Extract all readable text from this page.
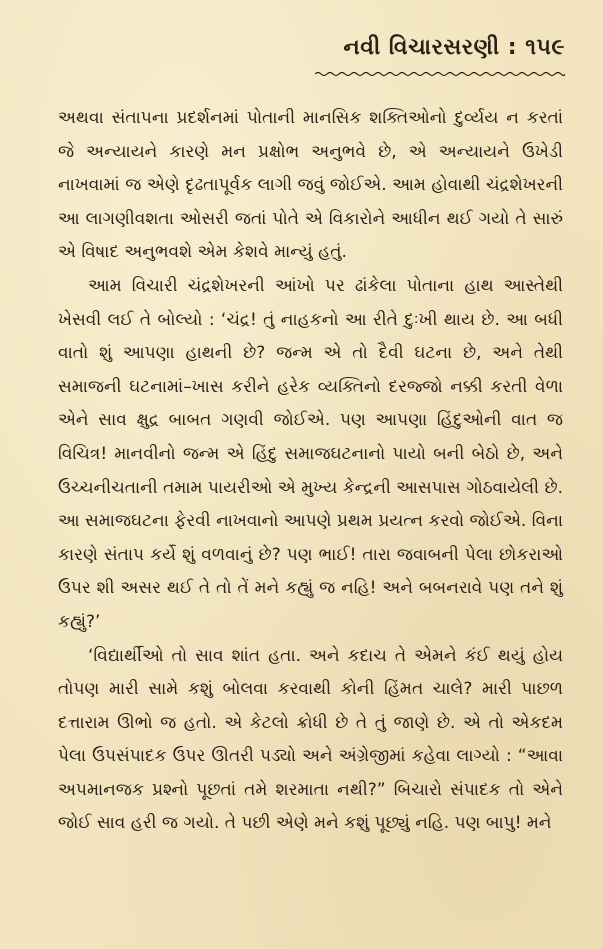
નવી વિચારસરણી : ૧૫૯

અથવા સંતાપના પ્રદર્શનમાં પોતાની માનસિક શક્તિઓનો દુર્વ્યય ન કરતાં જે અન્યાયને કારણે મન પ્રક્ષોભ અનુભવે છે, એ અન્યાયને ઉખેડી નાખવામાં જ એણે દૃઢતાપૂર્વક લાગી જવું જોઈએ. આમ હોવાથી ચંદ્રશેખરની આ લાગણીવશતા ઓસરી જતાં પોતે એ વિકારોને આધીન થઈ ગયો તે સારું એ વિષાદ અનુભવશે એમ કેશવે માન્યું હતું.

આમ વિચારી ચંદ્રશેખરની આંખો પર ઢાંકેલા પોતાના હાથ આસ્તેથી ખેસવી લઈ તે બોલ્યો : ‘ચંદ્ર! તું નાહકનો આ રીતે દુઃખી થાય છે. આ બધી વાતો શું આપણા હાથની છે? જન્મ એ તો દૈવી ઘટના છે, અને તેથી સમાજની ઘટનામાં–ખાસ કરીને હરેક વ્યક્તિનો દરજ્જો નક્કી કરતી વેળા એને સાવ ક્ષુદ્ર બાબત ગણવી જોઈએ. પણ આપણા હિંદુઓની વાત જ વિચિત્ર! માનવીનો જન્મ એ હિંદુ સમાજઘટનાનો પાયો બની બેઠો છે, અને ઉચ્ચનીચતાની તમામ પાયરીઓ એ મુખ્ય કેન્દ્રની આસપાસ ગોઠવાયેલી છે. આ સમાજઘટના ફેરવી નાખવાનો આપણે પ્રથમ પ્રયત્ન કરવો જોઈએ. વિના કારણે સંતાપ કર્યે શું વળવાનું છે? પણ ભાઈ! તારા જવાબની પેલા છોકરાઓ ઉપર શી અસર થઈ તે તો તેં મને કહ્યું જ નહિ! અને બબનરાવે પણ તને શું કહ્યું?’

‘વિદ્યાર્થીઓ તો સાવ શાંત હતા. અને કદાચ તે એમને કંઈ થયું હોય તોપણ મારી સામે કશું બોલવા કરવાથી કોની હિંમત ચાલે? મારી પાછળ દત્તારામ ઊભો જ હતો. એ કેટલો ક્રોધી છે તે તું જાણે છે. એ તો એકદમ પેલા ઉપસંપાદક ઉપર ઊતરી પડ્યો અને અંગ્રેજીમાં કહેવા લાગ્યો : “આવા અપમાનજક પ્રશ્નો પૂછતાં તમે શરમાતા નથી?” બિચારો સંપાદક તો એને જોઈ સાવ હરી જ ગયો. તે પછી એણે મને કશું પૂછ્યું નહિ. પણ બાપુ! મને
